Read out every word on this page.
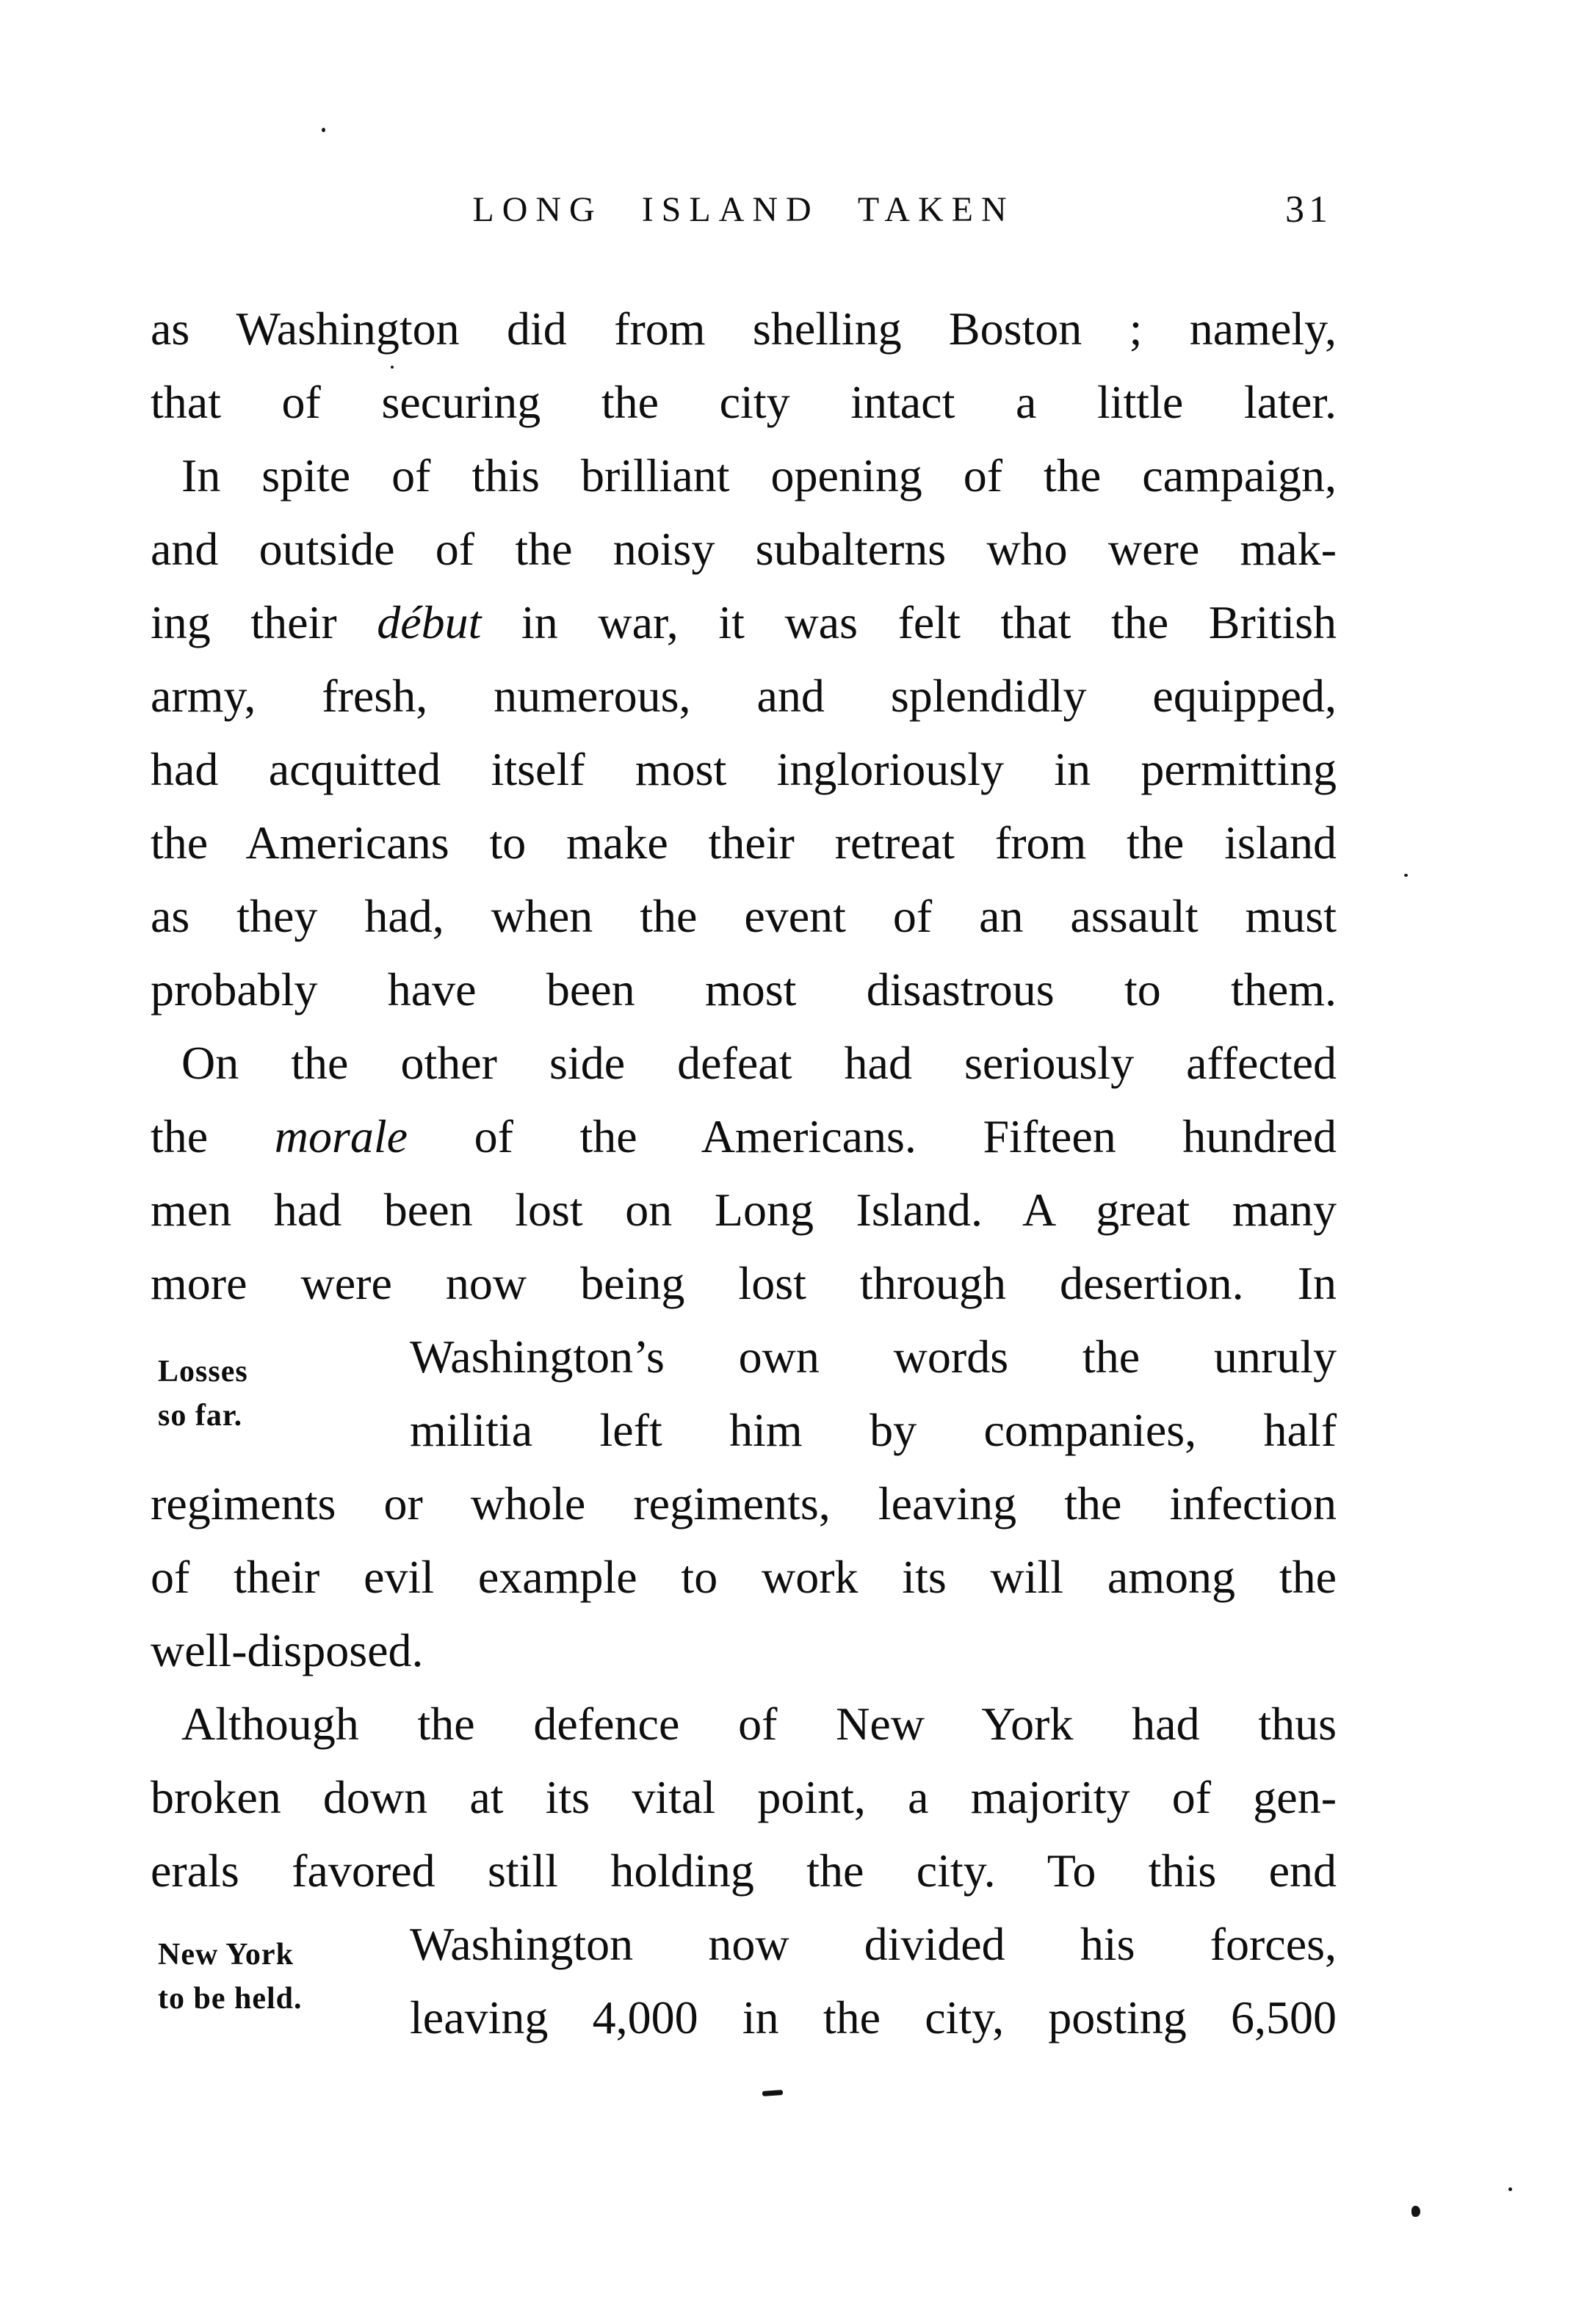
LONG ISLAND TAKEN	31
as Washington did from shelling Boston ; namely,
that of securing the city intact a little later.
In spite of this brilliant opening of the campaign,
and outside of the noisy subalterns who were mak-
ing their début in war, it was felt that the British
army, fresh, numerous, and splendidly equipped,
had acquitted itself most ingloriously in permitting
the Americans to make their retreat from the island
as they had, when the event of an assault must
probably have been most disastrous to them.
On the other side defeat had seriously affected
the morale of the Americans. Fifteen hundred
men had been lost on Long Island. A great many
more were now being lost through desertion. In
Washington’s own words the unruly
militia left him by companies, half
regiments or whole regiments, leaving the infection
of their evil example to work its will among the
well-disposed.
Although the defence of New York had thus
broken down at its vital point, a majority of gen-
erals favored still holding the city. To this end
Washington now divided his forces,
leaving 4,000 in the city, posting 6,500
Losses
so far.
New York
to be held.
